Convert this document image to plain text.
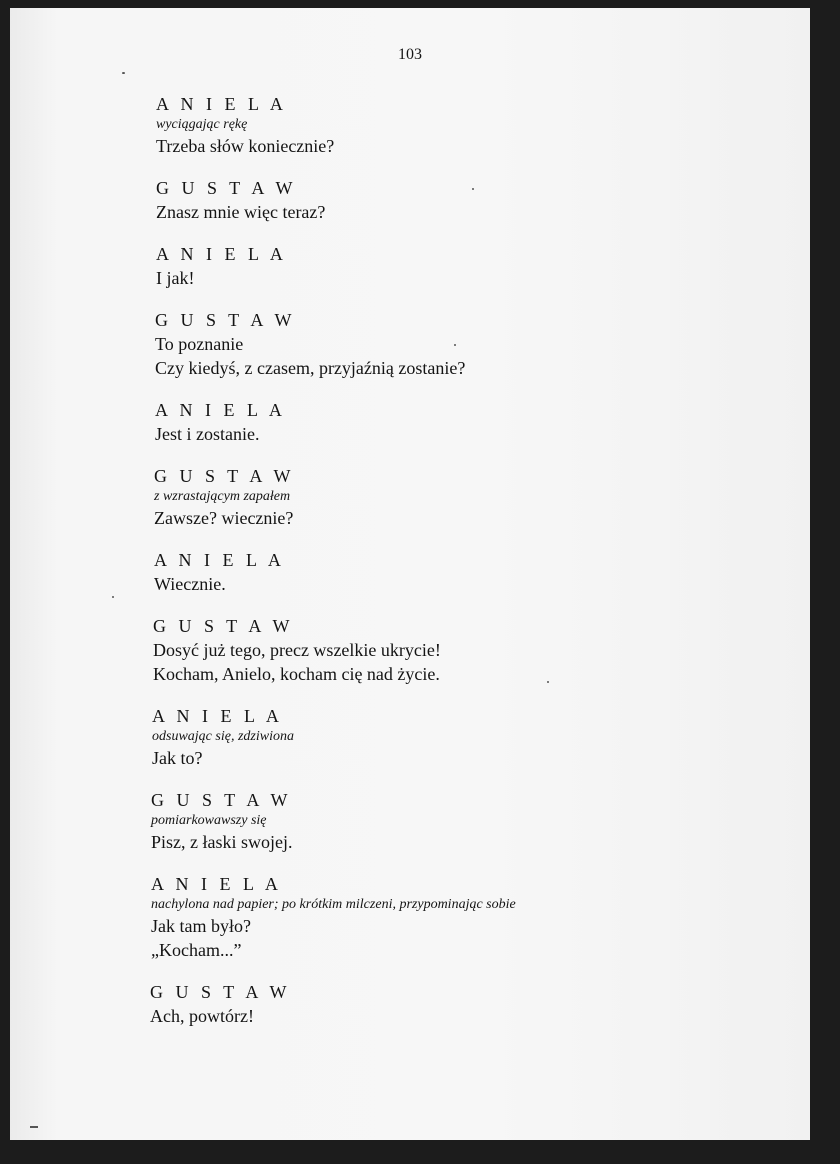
103
A N I E L A
wyciągając rękę
Trzeba słów koniecznie?
G U S T A W
Znasz mnie więc teraz?
A N I E L A
I jak!
G U S T A W
To poznanie
Czy kiedyś, z czasem, przyjaźnią zostanie?
A N I E L A
Jest i zostanie.
G U S T A W
z wzrastającym zapałem
Zawsze? wiecznie?
A N I E L A
Wiecznie.
G U S T A W
Dosyć już tego, precz wszelkie ukrycie!
Kocham, Anielo, kocham cię nad życie.
A N I E L A
odsuwając się, zdziwiona
Jak to?
G U S T A W
pomiarkowawszy się
Pisz, z łaski swojej.
A N I E L A
nachylona nad papier; po krótkim milczeni, przypominając sobie
Jak tam było?
„Kocham...”
G U S T A W
Ach, powtórz!
